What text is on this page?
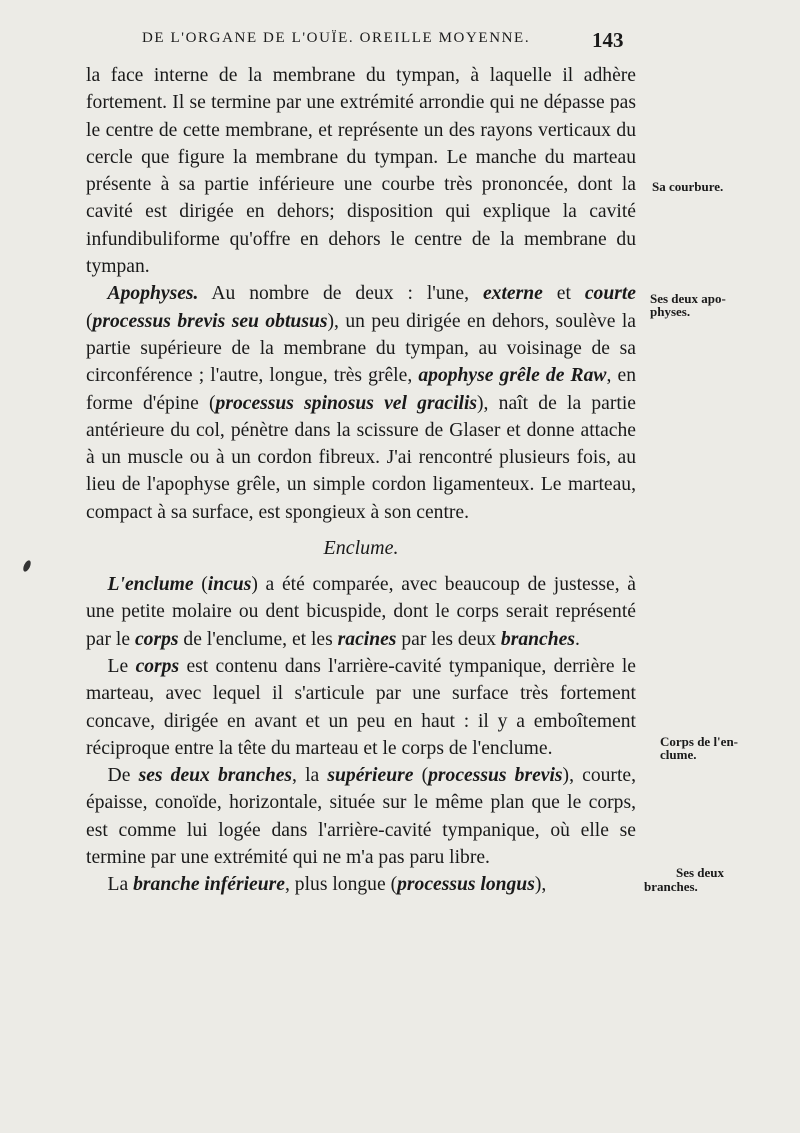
DE L'ORGANE DE L'OUÏE. OREILLE MOYENNE.	143

la face interne de la membrane du tympan, à laquelle il adhère fortement. Il se termine par une extrémité arrondie qui ne dépasse pas le centre de cette membrane, et représente un des rayons verticaux du cercle que figure la membrane du tympan. Le manche du marteau présente à sa partie inférieure une courbe très prononcée, dont la cavité est dirigée en dehors; disposition qui explique la cavité infundibuliforme qu'offre en dehors le centre de la membrane du tympan.

Apophyses. Au nombre de deux : l'une, externe et courte (processus brevis seu obtusus), un peu dirigée en dehors, soulève la partie supérieure de la membrane du tympan, au voisinage de sa circonférence ; l'autre, longue, très grêle, apophyse grêle de Raw, en forme d'épine (processus spinosus vel gracilis), naît de la partie antérieure du col, pénètre dans la scissure de Glaser et donne attache à un muscle ou à un cordon fibreux. J'ai rencontré plusieurs fois, au lieu de l'apophyse grêle, un simple cordon ligamenteux. Le marteau, compact à sa surface, est spongieux à son centre.

Enclume.

L'enclume (incus) a été comparée, avec beaucoup de justesse, à une petite molaire ou dent bicuspide, dont le corps serait représenté par le corps de l'enclume, et les racines par les deux branches.

Le corps est contenu dans l'arrière-cavité tympanique, derrière le marteau, avec lequel il s'articule par une surface très fortement concave, dirigée en avant et un peu en haut : il y a emboîtement réciproque entre la tête du marteau et le corps de l'enclume.

De ses deux branches, la supérieure (processus brevis), courte, épaisse, conoïde, horizontale, située sur le même plan que le corps, est comme lui logée dans l'arrière-cavité tympanique, où elle se termine par une extrémité qui ne m'a pas paru libre.

La branche inférieure, plus longue (processus longus),

Sa courbure.
Ses deux apo-
physes.
Corps de l'en-
clume.
Ses deux
branches.
